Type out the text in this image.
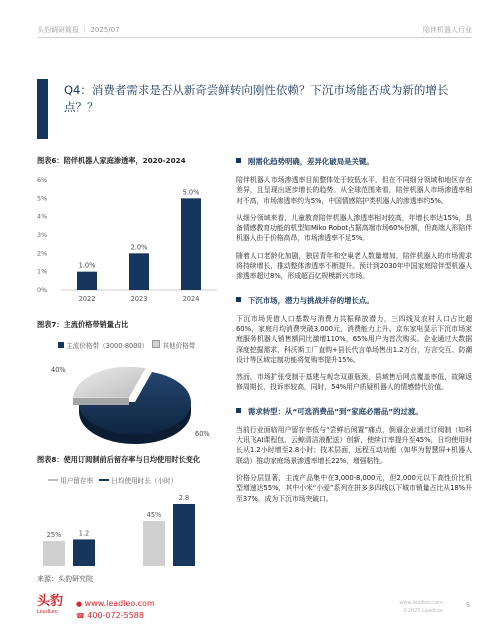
头豹调研简报 ｜ 2025/07	陪伴机器人行业
Q4：消费者需求是否从新奇尝鲜转向刚性依赖？下沉市场能否成为新的增长点？？
图表6：陪伴机器人家庭渗透率，2020-2024
0%
1%
2%
3%
4%
5%
6%
1.0%
2022
2.0%
2023
5.0%
2024
图表7：主流价格带销量占比
主流价格带（3000-8000） 其他价格带
40%
60%
图表8：使用订阅制前后留存率与日均使用时长变化
用户留存率	日均使用时长（小时）
25%	1.2
45%
2.8
来源：头豹研究院
刚需化趋势明确，差异化破局是关键。
陪伴机器人市场渗透率目前整体处于较低水平，但在不同细分领域和地区存在差异，且呈现出逐步增长的趋势。从全球范围来看，陪伴机器人市场渗透率相对不高，市场渗透率约为5%，中国情感陪护类机器人的渗透率约5%。
从细分领域来看，儿童教育陪伴机器人渗透率相对较高，年增长率达15%，具备情感教育功能的机型如Miko Robot占据高端市场60%份额，但高端人形陪伴机器人由于价格高昂，市场渗透率不足5%。
随着人口老龄化加剧，独居青年和空巢老人数量增加，陪伴机器人的市场需求将持续增长，推动整体渗透率不断提升。预计到2030年中国家庭陪伴型机器人渗透率超过8%，形成超百亿规模新兴市场。
下沉市场，潜力与挑战并存的增长点。
下沉市场凭借人口基数与消费力共振释放潜力，三四线及农村人口占比超60%，家庭月均消费突破3,000元，消费能力上升。京东家电显示下沉市场家庭服务机器人销售额同比激增110%，65%用户为首次购买。企业通过大数据深度挖掘需求，科沃斯工厂直购+县长代言单场售出1.2万台，方言交互、防潮设计等区域定制功能将复购率提升15%。
然而，市场扩张受制于基建与观念双重瓶颈，县域售后网点覆盖率低，故障返修周期长，投诉率较高，同时，54%用户质疑机器人的情感替代价值。
需求转型：从“可选消费品”到“家庭必需品”的过渡。
当前行业面临用户留存率低与“尝鲜后闲置”痛点，倒逼企业通过订阅制（如科大讯飞AI课程包、云鲸清洁液配送）创新，使续订率提升至45%，日均使用时长从1.2小时增至2.8小时；技术层面，远程互动功能（如华为智慧屏+机器人联动）推动家庭场景渗透率增长22%，增强粘性。
价格分层显著，主流产品集中在3,000-8,000元，但2,000元以下高性价比机型增速达55%，其中小米“小爱”系列在拼多多四线以下城市销量占比从18%升至37%，成为下沉市场突破口。
头豹
LeadLeo
● www.leadleo.com
☎ 400-072-5588
www.leadleo.com
©2025 LeadLeo
5
